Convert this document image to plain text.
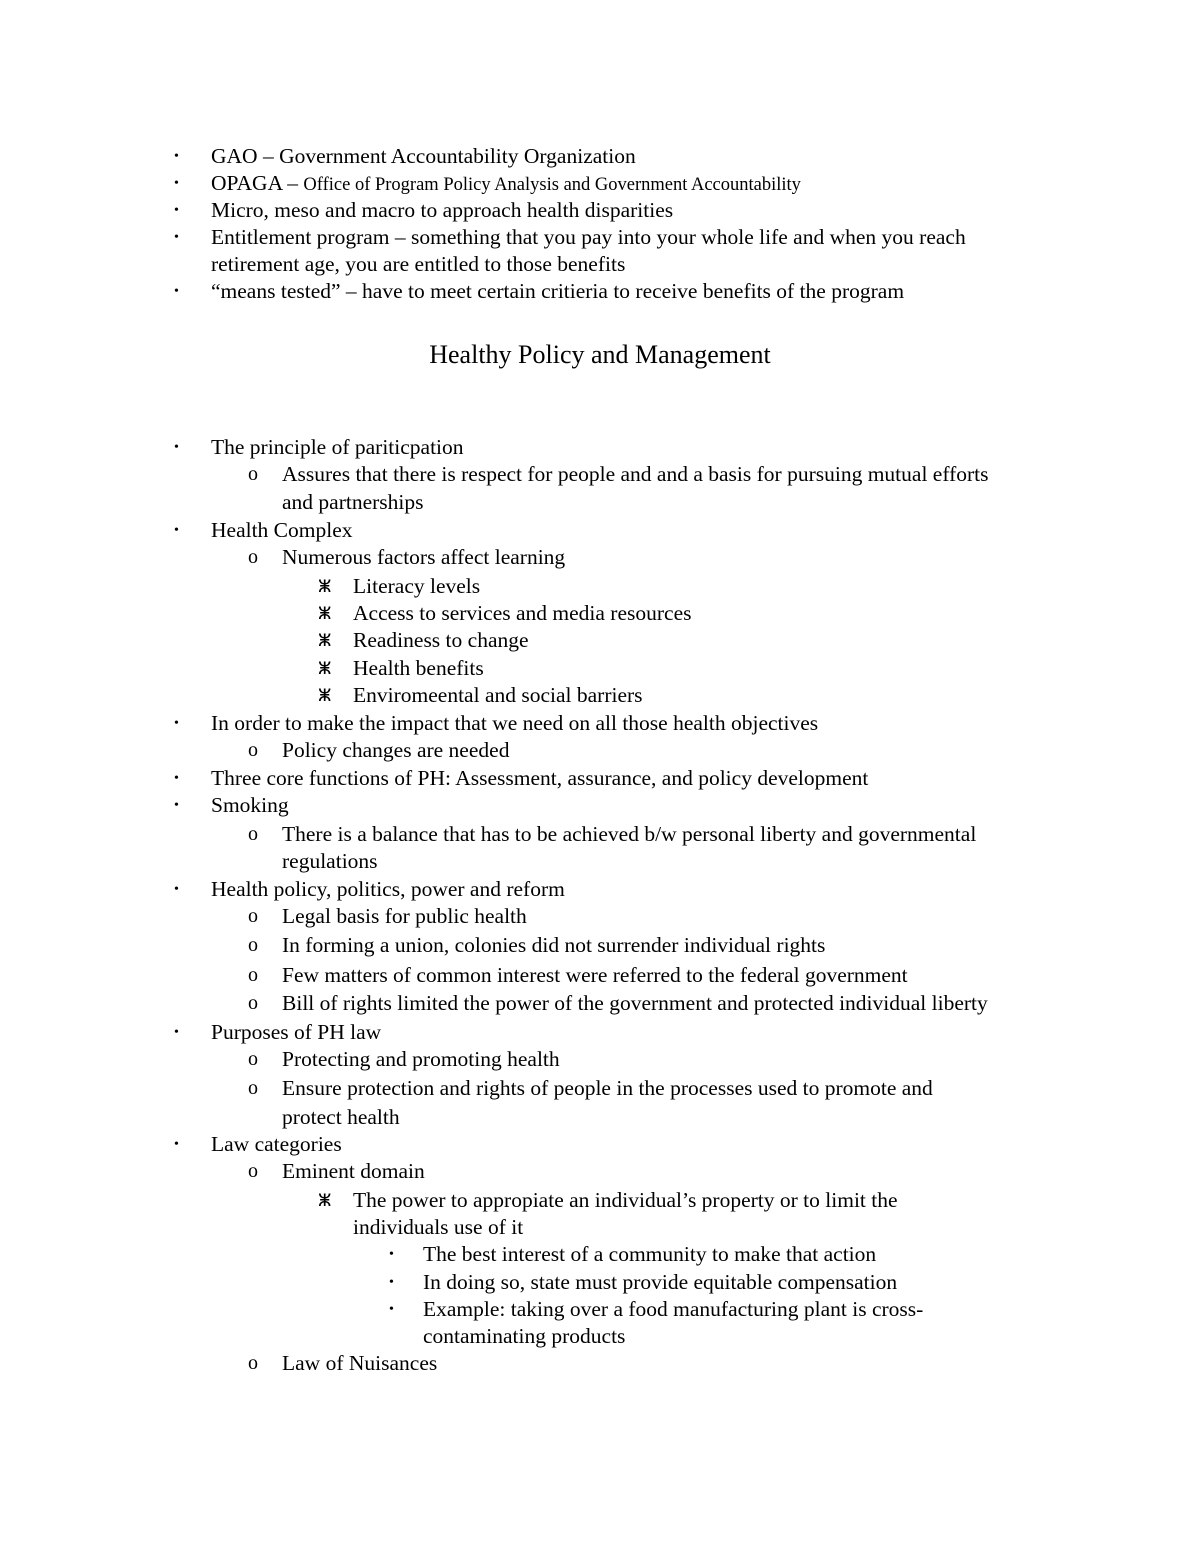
• GAO – Government Accountability Organization
• OPAGA – Office of Program Policy Analysis and Government Accountability
• Micro, meso and macro to approach health disparities
• Entitlement program – something that you pay into your whole life and when you reach
retirement age, you are entitled to those benefits
• “means tested” – have to meet certain critieria to receive benefits of the program
Healthy Policy and Management
• The principle of pariticpation
o Assures that there is respect for people and and a basis for pursuing mutual efforts
and partnerships
• Health Complex
o Numerous factors affect learning
ⵥ Literacy levels
ⵥ Access to services and media resources
ⵥ Readiness to change
ⵥ Health benefits
ⵥ Enviromeental and social barriers
• In order to make the impact that we need on all those health objectives
o Policy changes are needed
• Three core functions of PH: Assessment, assurance, and policy development
• Smoking
o There is a balance that has to be achieved b/w personal liberty and governmental
regulations
• Health policy, politics, power and reform
o Legal basis for public health
o In forming a union, colonies did not surrender individual rights
o Few matters of common interest were referred to the federal government
o Bill of rights limited the power of the government and protected individual liberty
• Purposes of PH law
o Protecting and promoting health
o Ensure protection and rights of people in the processes used to promote and
protect health
• Law categories
o Eminent domain
ⵥ The power to appropiate an individual’s property or to limit the
individuals use of it
• The best interest of a community to make that action
• In doing so, state must provide equitable compensation
• Example: taking over a food manufacturing plant is cross-
contaminating products
o Law of Nuisances
